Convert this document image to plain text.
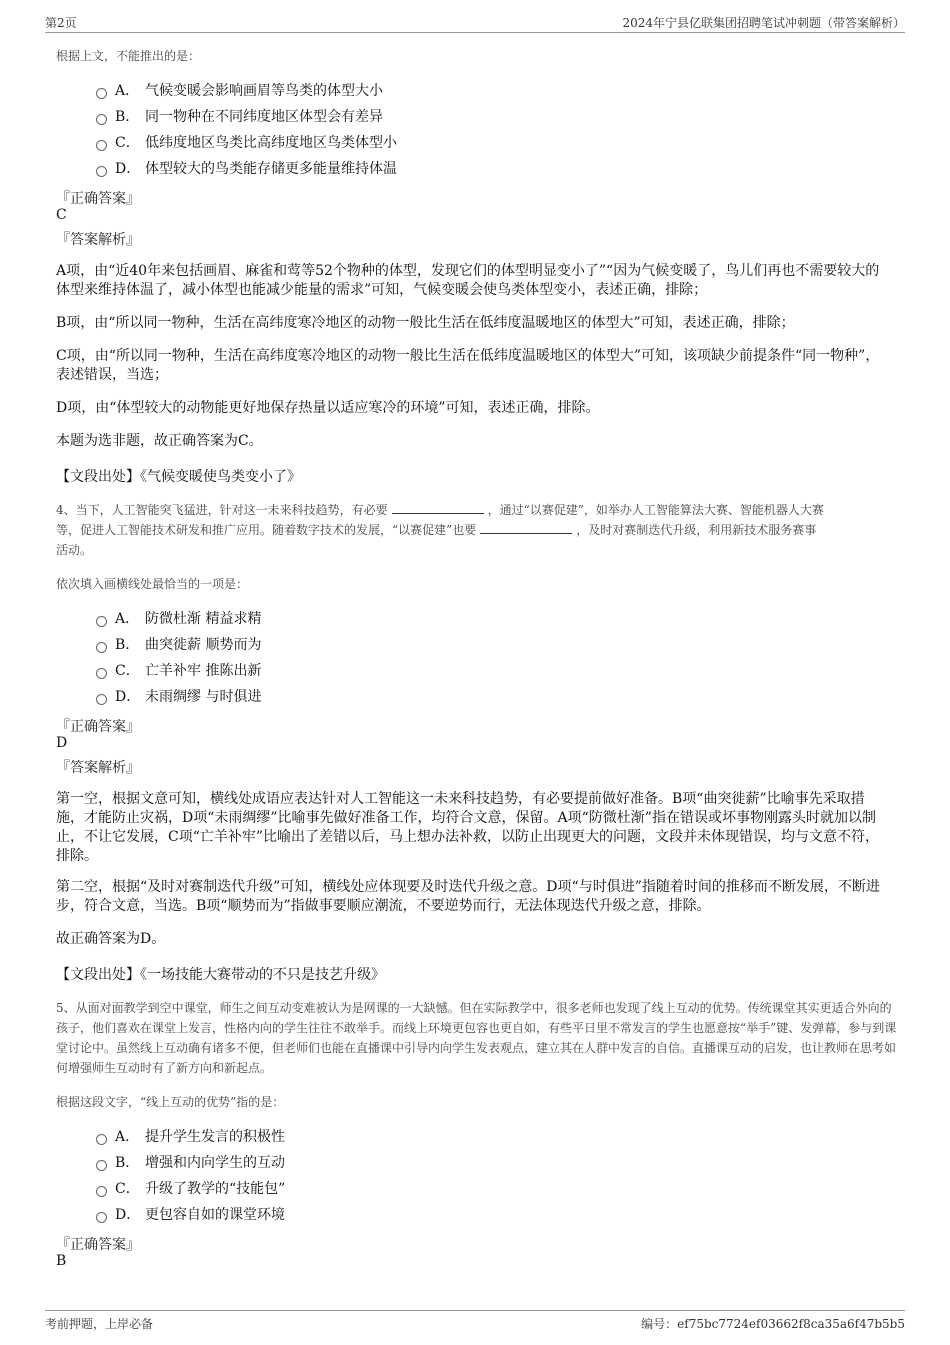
第2页	2024年宁县亿联集团招聘笔试冲刺题（带答案解析）
根据上文，不能推出的是：
A． 气候变暖会影响画眉等鸟类的体型大小
B． 同一物种在不同纬度地区体型会有差异
C． 低纬度地区鸟类比高纬度地区鸟类体型小
D． 体型较大的鸟类能存储更多能量维持体温
『正确答案』
C
『答案解析』
A项，由“近40年来包括画眉、麻雀和莺等52个物种的体型，发现它们的体型明显变小了”“因为气候变暖了，鸟儿们再也不需要较大的体型来维持体温了，减小体型也能减少能量的需求”可知，气候变暖会使鸟类体型变小，表述正确，排除；
B项，由“所以同一物种，生活在高纬度寒冷地区的动物一般比生活在低纬度温暖地区的体型大”可知，表述正确，排除；
C项，由“所以同一物种，生活在高纬度寒冷地区的动物一般比生活在低纬度温暖地区的体型大”可知，该项缺少前提条件“同一物种”，表述错误，当选；
D项，由“体型较大的动物能更好地保存热量以适应寒冷的环境”可知，表述正确，排除。
本题为选非题，故正确答案为C。
【文段出处】《气候变暖使鸟类变小了》
4、当下，人工智能突飞猛进，针对这一未来科技趋势，有必要	，通过“以赛促建”，如举办人工智能算法大赛、智能机器人大赛
等，促进人工智能技术研发和推广应用。随着数字技术的发展，“以赛促建”也要	，及时对赛制迭代升级，利用新技术服务赛事
活动。
依次填入画横线处最恰当的一项是：
A． 防微杜渐 精益求精
B． 曲突徙薪 顺势而为
C． 亡羊补牢 推陈出新
D． 未雨绸缪 与时俱进
『正确答案』
D
『答案解析』
第一空，根据文意可知，横线处成语应表达针对人工智能这一未来科技趋势，有必要提前做好准备。B项“曲突徙薪”比喻事先采取措施，才能防止灾祸，D项“未雨绸缪”比喻事先做好准备工作，均符合文意，保留。A项“防微杜渐”指在错误或坏事物刚露头时就加以制止，不让它发展，C项“亡羊补牢”比喻出了差错以后，马上想办法补救，以防止出现更大的问题，文段并未体现错误，均与文意不符，排除。
第二空，根据“及时对赛制迭代升级”可知，横线处应体现要及时迭代升级之意。D项“与时俱进”指随着时间的推移而不断发展，不断进步，符合文意，当选。B项“顺势而为”指做事要顺应潮流，不要逆势而行，无法体现迭代升级之意，排除。
故正确答案为D。
【文段出处】《一场技能大赛带动的不只是技艺升级》
5、从面对面教学到空中课堂，师生之间互动变难被认为是网课的一大缺憾。但在实际教学中，很多老师也发现了线上互动的优势。传统课堂其实更适合外向的孩子，他们喜欢在课堂上发言，性格内向的学生往往不敢举手。而线上环境更包容也更自如，有些平日里不常发言的学生也愿意按“举手”键、发弹幕，参与到课堂讨论中。虽然线上互动确有诸多不便，但老师们也能在直播课中引导内向学生发表观点，建立其在人群中发言的自信。直播课互动的启发，也让教师在思考如何增强师生互动时有了新方向和新起点。
根据这段文字，“线上互动的优势”指的是：
A． 提升学生发言的积极性
B． 增强和内向学生的互动
C． 升级了教学的“技能包”
D． 更包容自如的课堂环境
『正确答案』
B
考前押题，上岸必备	编号：ef75bc7724ef03662f8ca35a6f47b5b5
